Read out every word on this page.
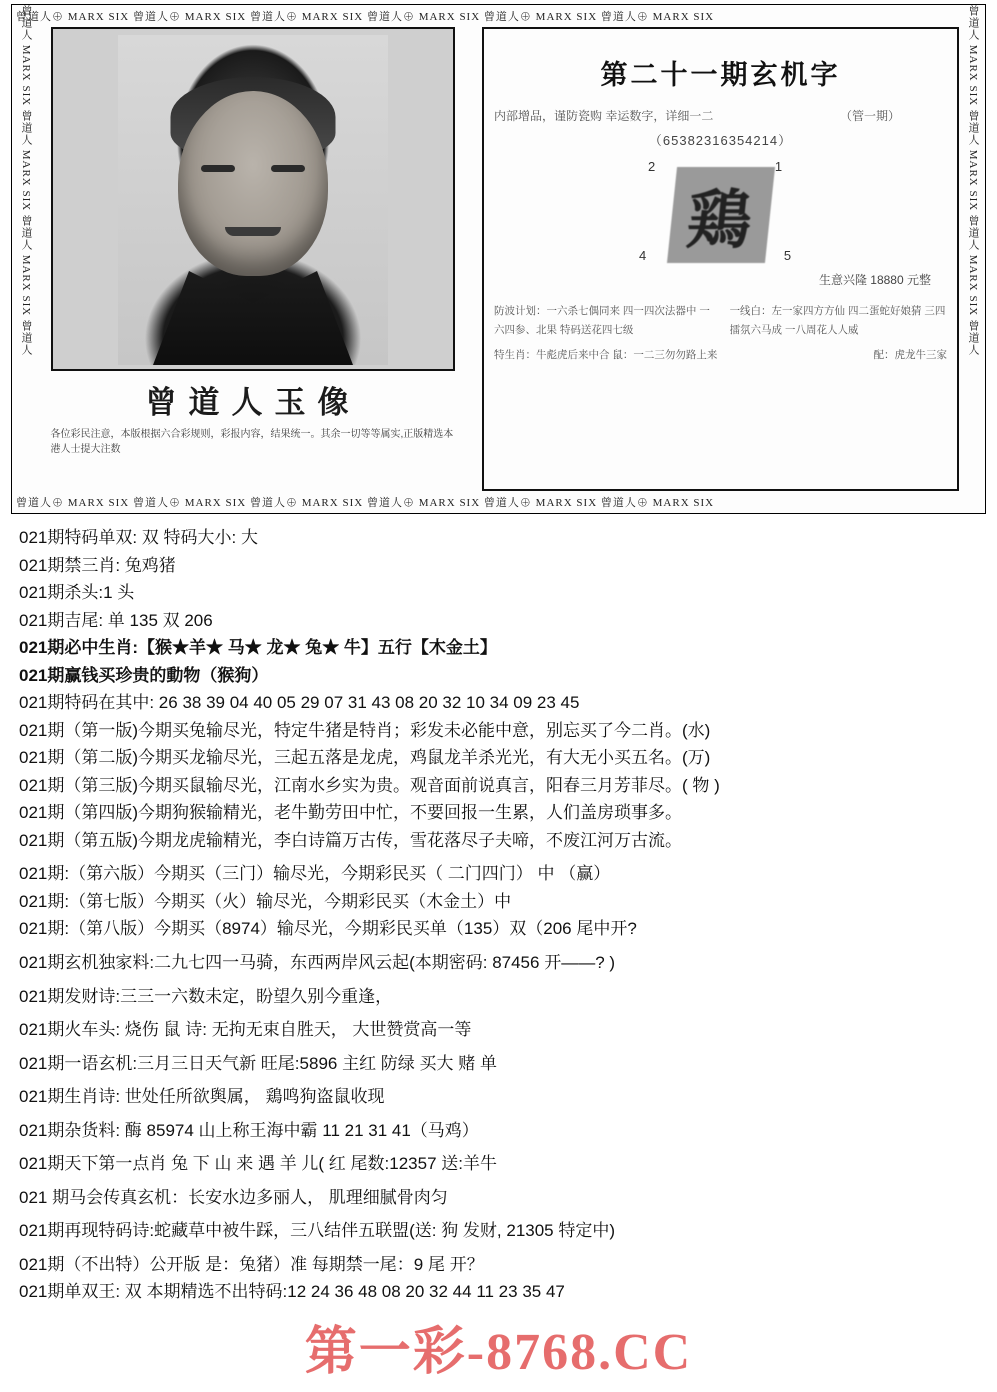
曾道人⊕ MARX SIX 曾道人⊕ MARX SIX 曾道人⊕ MARX SIX 曾道人⊕ MARX SIX 曾道人⊕ MARX SIX 曾道人⊕ MARX SIX
曾道人⊕ MARX SIX 曾道人⊕ MARX SIX 曾道人⊕ MARX SIX 曾道人⊕ MARX SIX 曾道人⊕ MARX SIX 曾道人⊕ MARX SIX
曾道人 MARX SIX 曾道人 MARX SIX 曾道人 MARX SIX 曾道人	曾道人 MARX SIX 曾道人 MARX SIX 曾道人 MARX SIX 曾道人
曾道人玉像
各位彩民注意，本版根据六合彩规则，彩报内容，结果统一。其余一切等等属实,正版精选本港人士提大注数
第二十一期玄机字
内部增品，谨防瓷购 幸运数字，详细一二	（管一期）
（65382316354214）
2	1
鶏
4	5
生意兴隆 18880 元整
防波计划：一六杀七偶同来 四一四次法器中 一六四参、北果 特码送花四七级
一线白：左一家四方方仙 四二蛋蛇好娘猜 三四擂氛六马成 一八周花人人威
特生肖：牛彪虎后来中合 鼠：一二三勿勿路上来	配：虎龙牛三家
021期特码单双: 双 特码大小: 大
021期禁三肖: 兔鸡猪
021期杀头:1 头
021期吉尾: 单 135 双 206
021期必中生肖:【猴★羊★ 马★ 龙★ 兔★ 牛】五行【木金土】
021期赢钱买珍贵的動物（猴狗）
021期特码在其中: 26 38 39 04 40 05 29 07 31 43 08 20 32 10 34 09 23 45
021期（第一版)今期买兔输尽光，特定牛猪是特肖；彩发未必能中意，别忘买了今二肖。(水)
021期（第二版)今期买龙输尽光，三起五落是龙虎，鸡鼠龙羊杀光光，有大无小买五名。(万)
021期（第三版)今期买鼠输尽光，江南水乡实为贵。观音面前说真言，阳春三月芳菲尽。( 物 )
021期（第四版)今期狗猴输精光，老牛勤劳田中忙，不要回报一生累，人们盖房琐事多。
021期（第五版)今期龙虎输精光，李白诗篇万古传，雪花落尽子夫啼，不废江河万古流。
021期:（第六版）今期买（三门）输尽光，今期彩民买（ 二门四门） 中 （赢）
021期:（第七版）今期买（火）输尽光，今期彩民买（木金土）中
021期:（第八版）今期买（8974）输尽光，今期彩民买单（135）双（206 尾中开?
021期玄机独家料:二九七四一马骑，东西两岸风云起(本期密码: 87456 开——? )
021期发财诗:三三一六数未定，盼望久别今重逢，
021期火车头: 烧伤 鼠 诗: 无拘无束自胜天， 大世赞赏高一等
021期一语玄机:三月三日天气新 旺尾:5896 主红 防绿 买大 赌 单
021期生肖诗: 世处任所欲舆属， 鶏鸣狗盗鼠收现
021期杂货料: 酶 85974 山上称王海中霸 11 21 31 41（马鸡）
021期天下第一点肖 兔 下 山 来 遇 羊 儿( 红 尾数:12357 送:羊牛
021 期马会传真玄机：长安水边多丽人， 肌理细腻骨肉匀
021期再现特码诗:蛇藏草中被牛踩，三八结伴五联盟(送: 狗 发财, 21305 特定中)
021期（不出特）公开版 是：兔猪）准 每期禁一尾：9 尾 开？
021期单双王: 双 本期精选不出特码:12 24 36 48 08 20 32 44 11 23 35 47
第一彩-8768.CC
